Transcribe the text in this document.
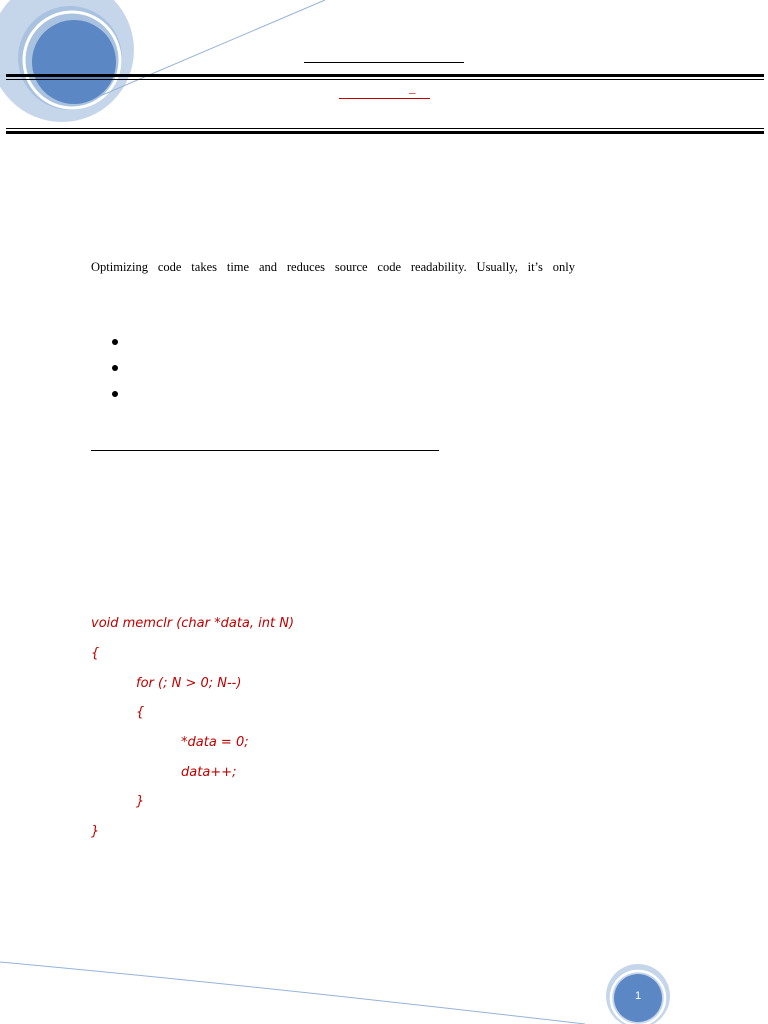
_
Optimizing code takes time and reduces source code readability. Usually, it’s only
void memclr (char *data, int N)
{
for (; N > 0; N--)
{
*data = 0;
data++;
}
}
1
